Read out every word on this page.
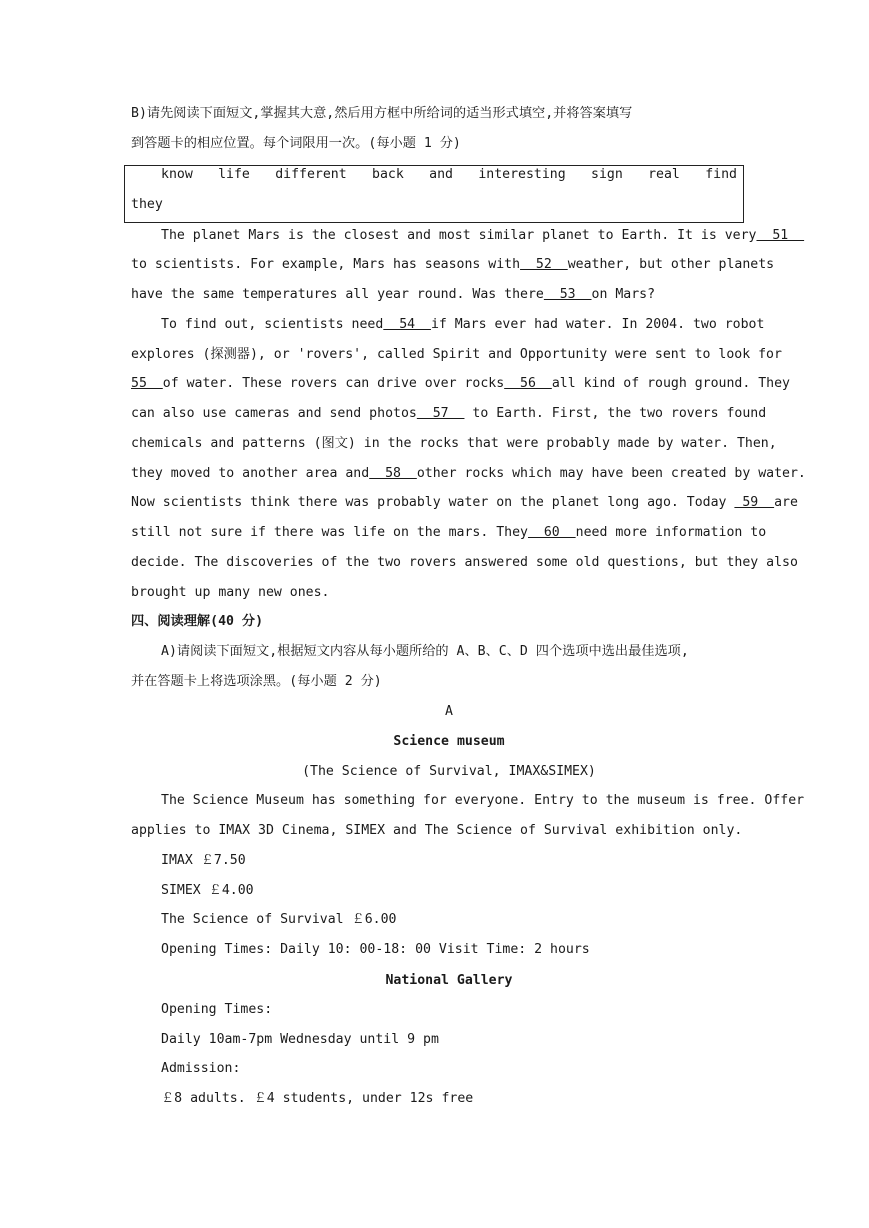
B)请先阅读下面短文,掌握其大意,然后用方框中所给词的适当形式填空,并将答案填写
到答题卡的相应位置。每个词限用一次。(每小题 1 分)
know life different back and interesting sign real find
they
The planet Mars is the closest and most similar planet to Earth. It is very  51
to scientists. For example, Mars has seasons with  52  weather, but other planets
have the same temperatures all year round. Was there  53  on Mars?
To find out, scientists need  54  if Mars ever had water. In 2004. two robot
explores (探测器), or 'rovers', called Spirit and Opportunity were sent to look for
55  of water. These rovers can drive over rocks  56  all kind of rough ground. They
can also use cameras and send photos  57   to Earth. First, the two rovers found
chemicals and patterns (图文) in the rocks that were probably made by water. Then,
they moved to another area and  58  other rocks which may have been created by water.
Now scientists think there was probably water on the planet long ago. Today  59  are
still not sure if there was life on the mars. They  60  need more information to
decide. The discoveries of the two rovers answered some old questions, but they also
brought up many new ones.
四、阅读理解(40 分)
A)请阅读下面短文,根据短文内容从每小题所给的 A、B、C、D 四个选项中选出最佳选项,
并在答题卡上将选项涂黑。(每小题 2 分)
A
Science museum
(The Science of Survival, IMAX&SIMEX)
The Science Museum has something for everyone. Entry to the museum is free. Offer
applies to IMAX 3D Cinema, SIMEX and The Science of Survival exhibition only.
IMAX ￡7.50
SIMEX ￡4.00
The Science of Survival ￡6.00
Opening Times: Daily 10: 00-18: 00 Visit Time: 2 hours
National Gallery
Opening Times:
Daily 10am-7pm Wednesday until 9 pm
Admission:
￡8 adults. ￡4 students, under 12s free
